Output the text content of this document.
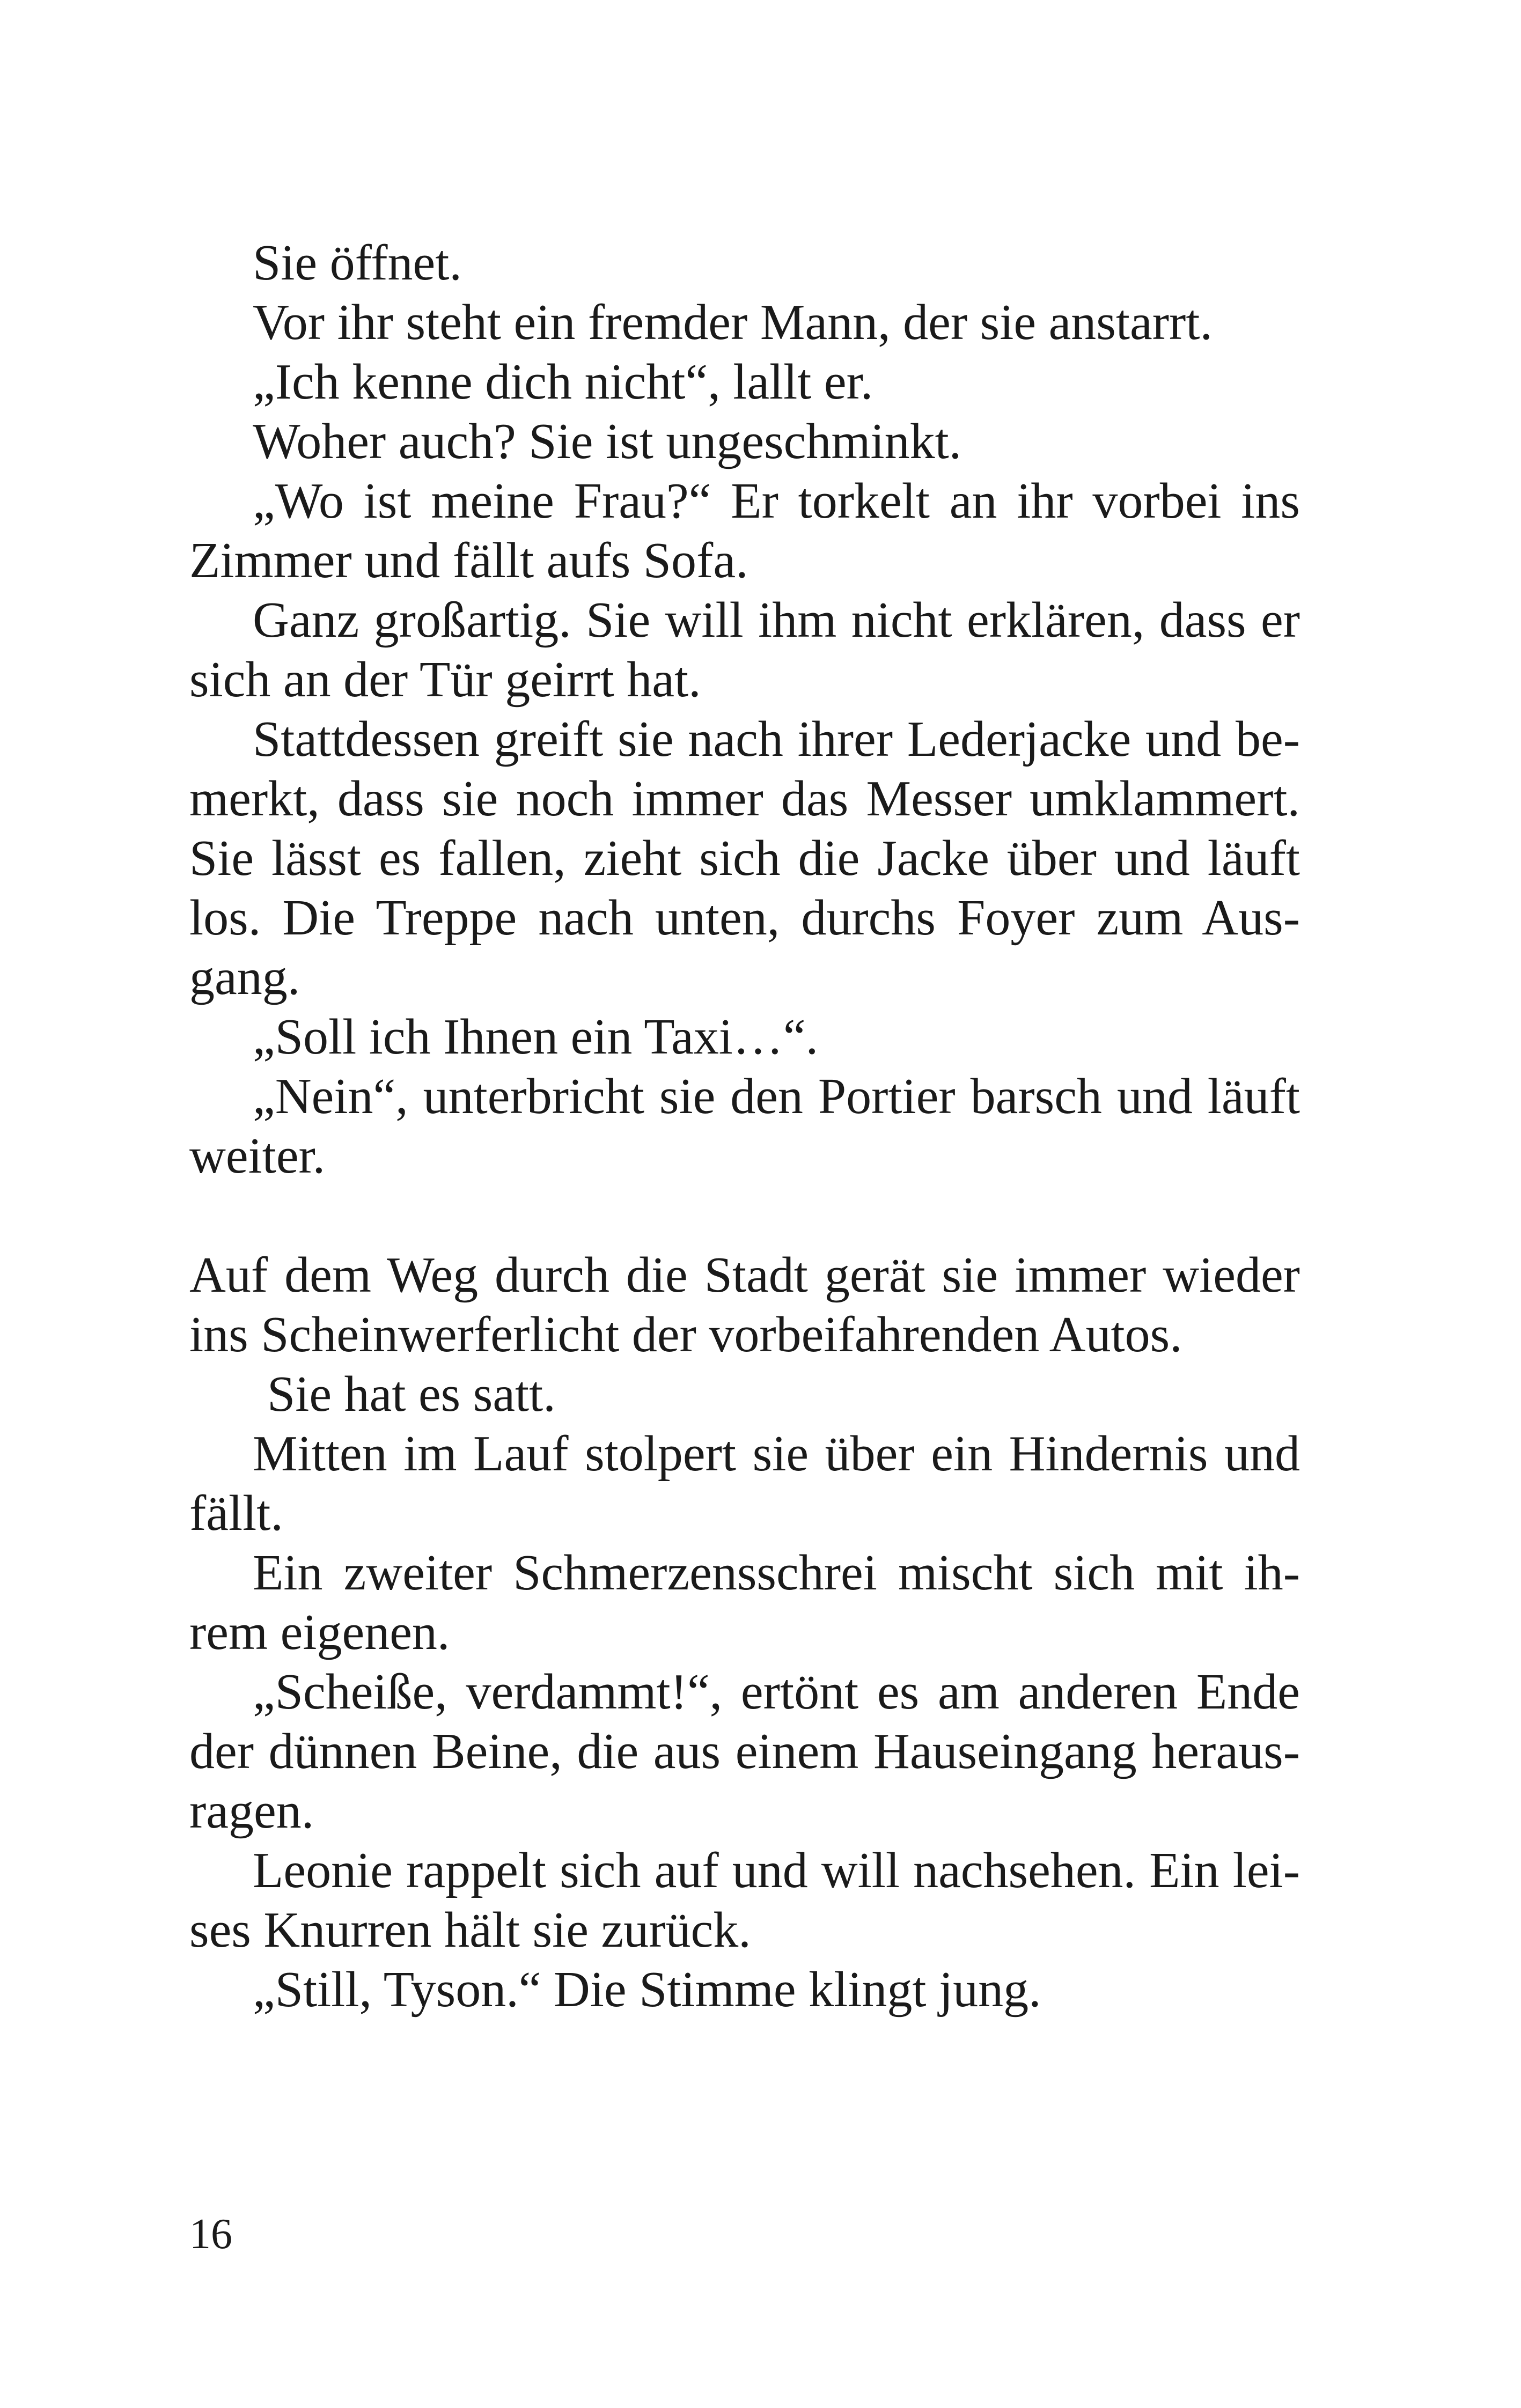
Sie öffnet.

Vor ihr steht ein fremder Mann, der sie anstarrt.

„Ich kenne dich nicht“, lallt er.

Woher auch? Sie ist ungeschminkt.

„Wo ist meine Frau?“ Er torkelt an ihr vorbei ins Zimmer und fällt aufs Sofa.

Ganz großartig. Sie will ihm nicht erklären, dass er sich an der Tür geirrt hat.

Stattdessen greift sie nach ihrer Lederjacke und bemerkt, dass sie noch immer das Messer umklammert. Sie lässt es fallen, zieht sich die Jacke über und läuft los. Die Treppe nach unten, durchs Foyer zum Ausgang.

„Soll ich Ihnen ein Taxi…“.

„Nein“, unterbricht sie den Portier barsch und läuft weiter.

Auf dem Weg durch die Stadt gerät sie immer wieder ins Scheinwerferlicht der vorbeifahrenden Autos.

Sie hat es satt.

Mitten im Lauf stolpert sie über ein Hindernis und fällt.

Ein zweiter Schmerzensschrei mischt sich mit ihrem eigenen.

„Scheiße, verdammt!“, ertönt es am anderen Ende der dünnen Beine, die aus einem Hauseingang herausragen.

Leonie rappelt sich auf und will nachsehen. Ein leises Knurren hält sie zurück.

„Still, Tyson.“ Die Stimme klingt jung.

16
